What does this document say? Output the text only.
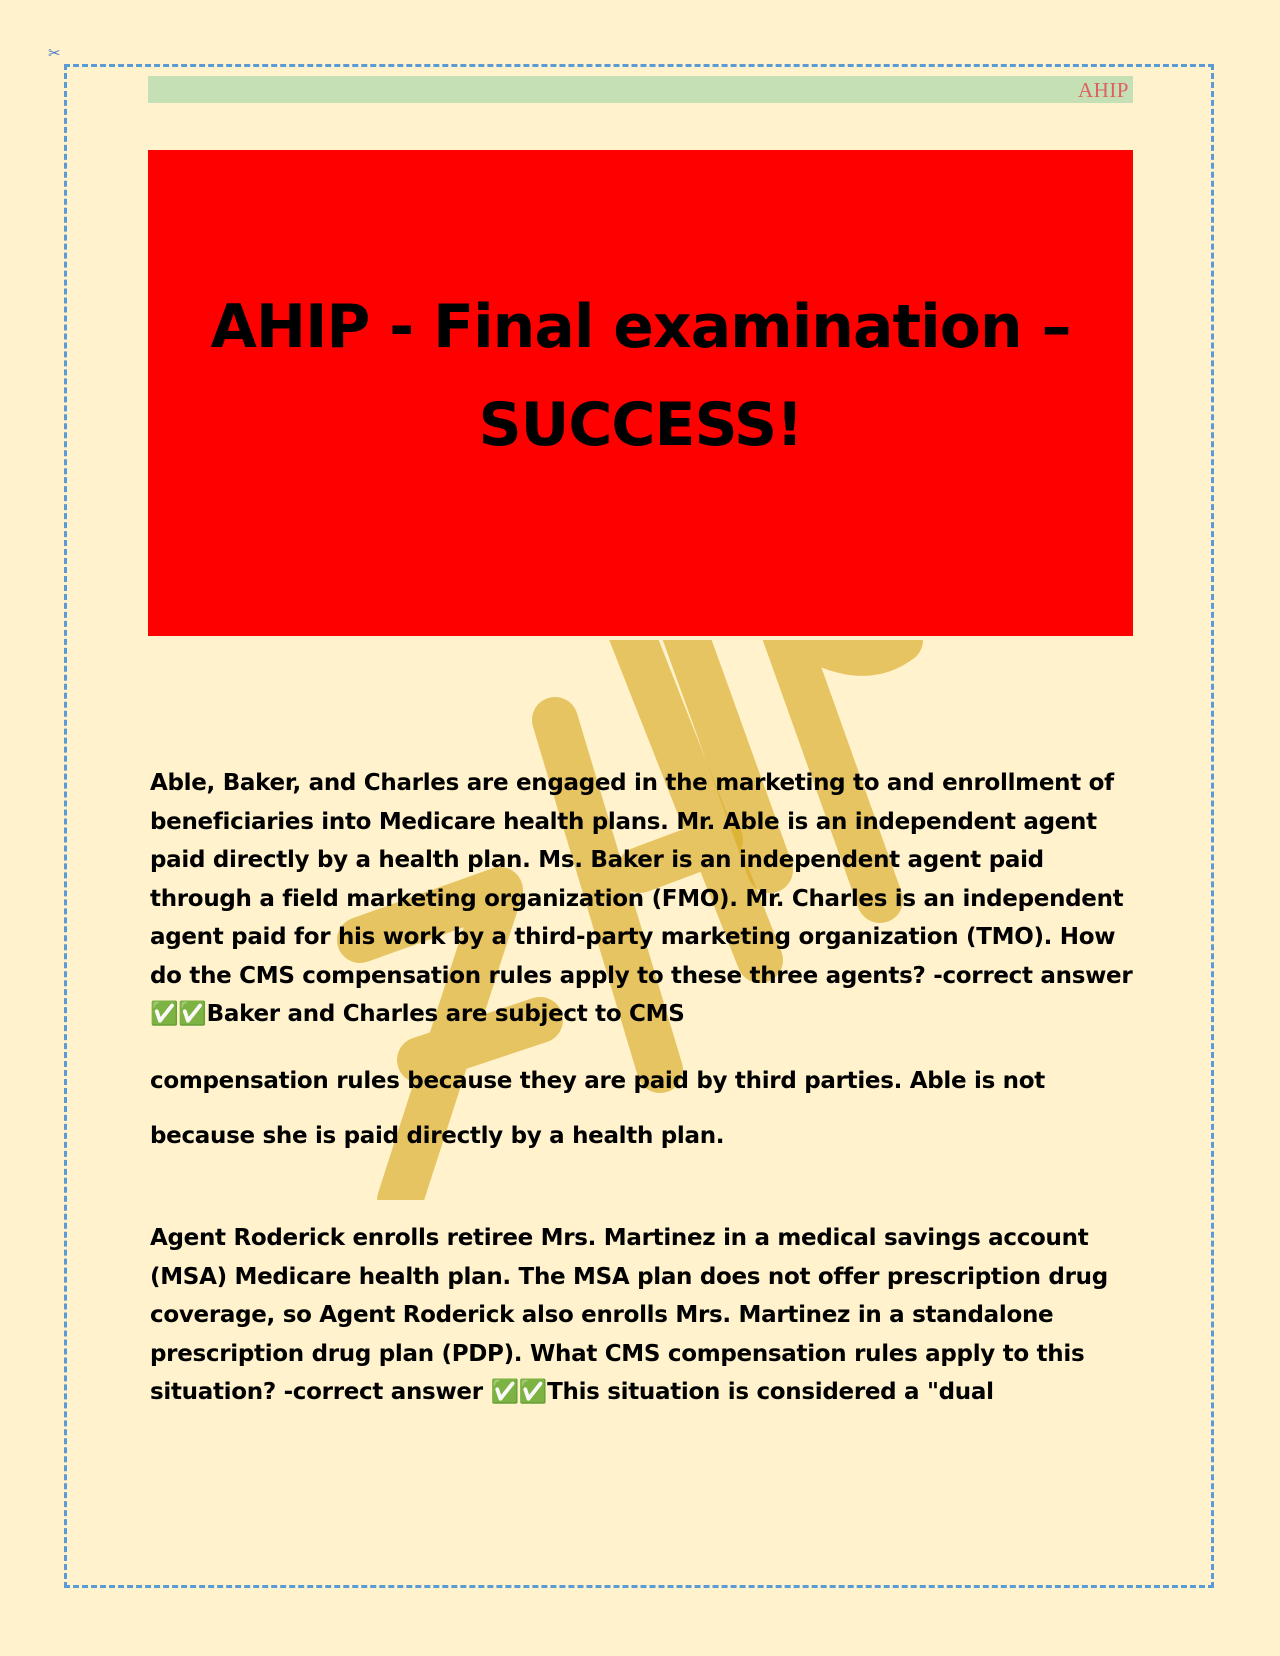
✂
AHIP
AHIP - Final examination –
SUCCESS!

Able, Baker, and Charles are engaged in the marketing to and enrollment of beneficiaries into Medicare health plans. Mr. Able is an independent agent paid directly by a health plan. Ms. Baker is an independent agent paid through a field marketing organization (FMO). Mr. Charles is an independent agent paid for his work by a third-party marketing organization (TMO). How do the CMS compensation rules apply to these three agents? -correct answer ✅✅Baker and Charles are subject to CMS

compensation rules because they are paid by third parties. Able is not because she is paid directly by a health plan.

Agent Roderick enrolls retiree Mrs. Martinez in a medical savings account (MSA) Medicare health plan. The MSA plan does not offer prescription drug coverage, so Agent Roderick also enrolls Mrs. Martinez in a standalone prescription drug plan (PDP). What CMS compensation rules apply to this situation? -correct answer ✅✅This situation is considered a "dual
